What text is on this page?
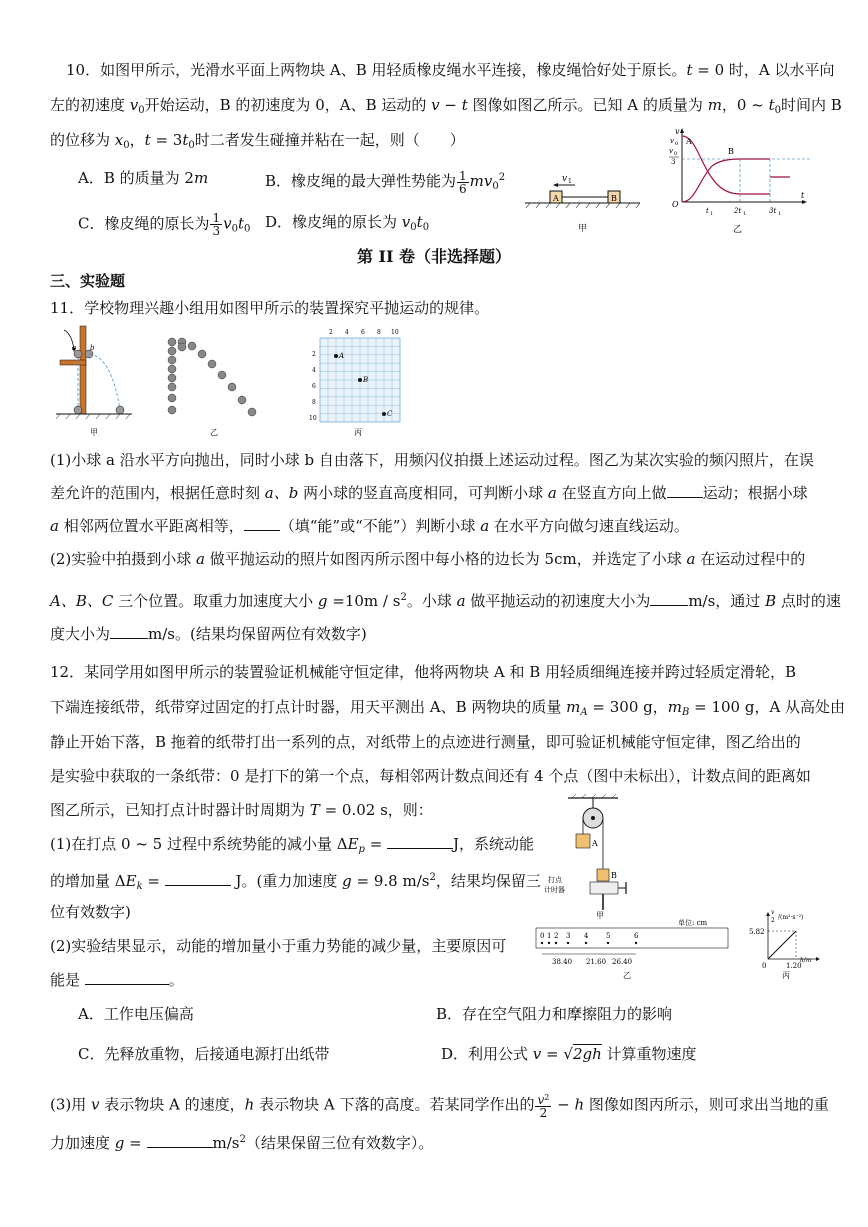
10．如图甲所示，光滑水平面上两物块 A、B 用轻质橡皮绳水平连接，橡皮绳恰好处于原长。t = 0 时，A 以水平向
左的初速度 $v_0$开始运动，B 的初速度为 0，A、B 运动的 v − t 图像如图乙所示。已知 A 的质量为 m，0 ~ $t_0$时间内 B
的位移为 $x_0$，$t = 3t_0$时二者发生碰撞并粘在一起，则（　　）
A．B 的质量为 2m	B．橡皮绳的最大弹性势能为 $\frac{1}{6} mv_0^2$
C．橡皮绳的原长为 $\frac{1}{3} v_0t_0$ D．橡皮绳的原长为 $v_0t_0$
v 1
A	B
甲
v
t
O
v 0
3
v 0 A
B
t 1	2t 1	3t 1
乙
第 II 卷（非选择题）
三、实验题
11．学校物理兴趣小组用如图甲所示的装置探究平抛运动的规律。
a b
甲	乙
A
B
C
2 4 6 8 10
2
4
6
8
10
丙
(1)小球 a 沿水平方向抛出，同时小球 b 自由落下，用频闪仪拍摄上述运动过程。图乙为某次实验的频闪照片，在误
差允许的范围内，根据任意时刻 a、b 两小球的竖直高度相同，可判断小球 a 在竖直方向上做 运动；根据小球
a 相邻两位置水平距离相等， （填“能”或“不能”）判断小球 a 在水平方向做匀速直线运动。
(2)实验中拍摄到小球 a 做平抛运动的照片如图丙所示图中每小格的边长为 5cm，并选定了小球 a 在运动过程中的
A、B、C 三个位置。取重力加速度大小 $g =10m / s^2$。小球 a 做平抛运动的初速度大小为	m/s，通过 B 点时的速
度大小为	m/s。(结果均保留两位有效数字)
12．某同学用如图甲所示的装置验证机械能守恒定律，他将两物块 A 和 B 用轻质细绳连接并跨过轻质定滑轮，B
下端连接纸带，纸带穿过固定的打点计时器，用天平测出 A、B 两物块的质量 $m_A = 300$ g，$m_B = 100$ g，A 从高处由
静止开始下落，B 拖着的纸带打出一系列的点，对纸带上的点迹进行测量，即可验证机械能守恒定律，图乙给出的
是实验中获取的一条纸带：0 是打下的第一个点，每相邻两计数点间还有 4 个点（图中未标出），计数点间的距离如
图乙所示，已知打点计时器计时周期为 T = 0.02 s，则：
(1)在打点 0 ~ 5 过程中系统势能的减小量 $\Delta E_p$ =	J，系统动能
的增加量 $\Delta E_k$ =	J。(重力加速度 g = 9.8 $m/s^2$，结果均保留三
位有效数字)
(2)实验结果显示，动能的增加量小于重力势能的减少量，主要原因可
能是	。
A．工作电压偏高	B．存在空气阻力和摩擦阻力的影响
C．先释放重物，后接通电源打出纸带	D．利用公式 v = √2gh 计算重物速度
(3)用 v 表示物块 A 的速度，h 表示物块 A 下落的高度。若某同学作出的 $\frac{v^2}{2} - h$ 图像如图丙所示，则可求出当地的重
力加速度 g =	$m/s^2$（结果保留三位有效数字）。
A
B
打点
计时器
甲
单位: cm
0 1 2 3 4	5	6
38.40 21.60 26.40
乙
v
2 /(m²·s⁻²)
5.82
1.20
h/m
0
丙
